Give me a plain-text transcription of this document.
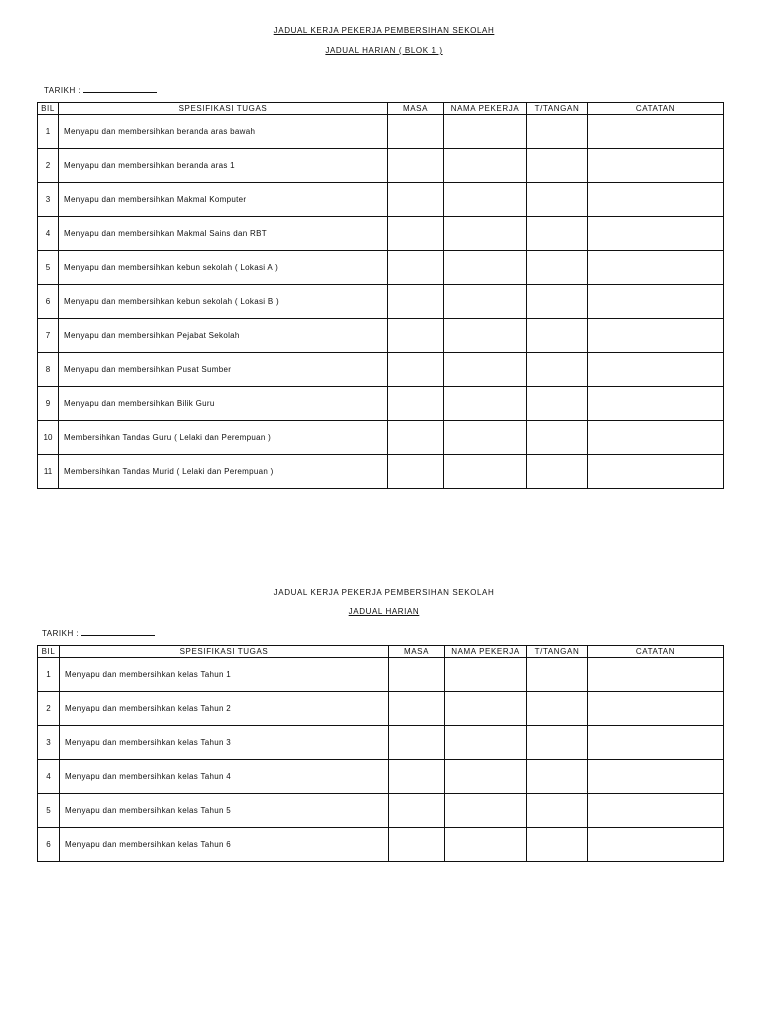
JADUAL KERJA PEKERJA PEMBERSIHAN SEKOLAH
JADUAL HARIAN ( BLOK 1 )
TARIKH :
BIL	SPESIFIKASI TUGAS	MASA	NAMA PEKERJA	T/TANGAN	CATATAN
1	Menyapu dan membersihkan beranda aras bawah				
2	Menyapu dan membersihkan beranda aras 1				
3	Menyapu dan membersihkan Makmal Komputer				
4	Menyapu dan membersihkan Makmal Sains dan RBT				
5	Menyapu dan membersihkan kebun sekolah ( Lokasi A )				
6	Menyapu dan membersihkan kebun sekolah ( Lokasi B )				
7	Menyapu dan membersihkan Pejabat Sekolah				
8	Menyapu dan membersihkan Pusat Sumber				
9	Menyapu dan membersihkan Bilik Guru				
10	Membersihkan Tandas Guru ( Lelaki dan Perempuan )				
11	Membersihkan Tandas Murid ( Lelaki dan Perempuan )				
JADUAL KERJA PEKERJA PEMBERSIHAN SEKOLAH
JADUAL HARIAN
TARIKH :
BIL	SPESIFIKASI TUGAS	MASA	NAMA PEKERJA	T/TANGAN	CATATAN
1	Menyapu dan membersihkan kelas Tahun 1				
2	Menyapu dan membersihkan kelas Tahun 2				
3	Menyapu dan membersihkan kelas Tahun 3				
4	Menyapu dan membersihkan kelas Tahun 4				
5	Menyapu dan membersihkan kelas Tahun 5				
6	Menyapu dan membersihkan kelas Tahun 6				
